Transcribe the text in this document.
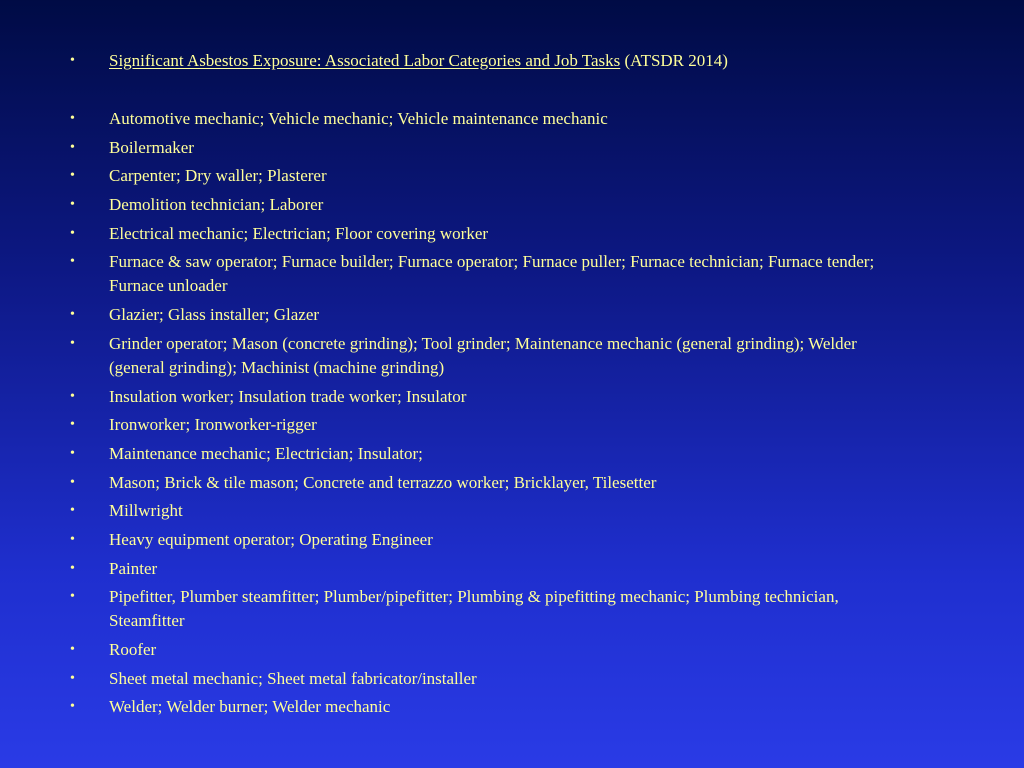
•	Significant Asbestos Exposure: Associated Labor Categories and Job Tasks (ATSDR 2014)
•	Automotive mechanic; Vehicle mechanic; Vehicle maintenance mechanic
•	Boilermaker
•	Carpenter; Dry waller; Plasterer
•	Demolition technician; Laborer
•	Electrical mechanic; Electrician; Floor covering worker
•	Furnace & saw operator; Furnace builder; Furnace operator; Furnace puller; Furnace technician; Furnace tender; Furnace unloader
•	Glazier; Glass installer; Glazer
•	Grinder operator; Mason (concrete grinding); Tool grinder; Maintenance mechanic (general grinding); Welder (general grinding); Machinist (machine grinding)
•	Insulation worker; Insulation trade worker; Insulator
•	Ironworker; Ironworker-rigger
•	Maintenance mechanic; Electrician; Insulator;
•	Mason; Brick & tile mason; Concrete and terrazzo worker; Bricklayer, Tilesetter
•	Millwright
•	Heavy equipment operator; Operating Engineer
•	Painter
•	Pipefitter, Plumber steamfitter; Plumber/pipefitter; Plumbing & pipefitting mechanic; Plumbing technician, Steamfitter
•	Roofer
•	Sheet metal mechanic; Sheet metal fabricator/installer
•	Welder; Welder burner; Welder mechanic
